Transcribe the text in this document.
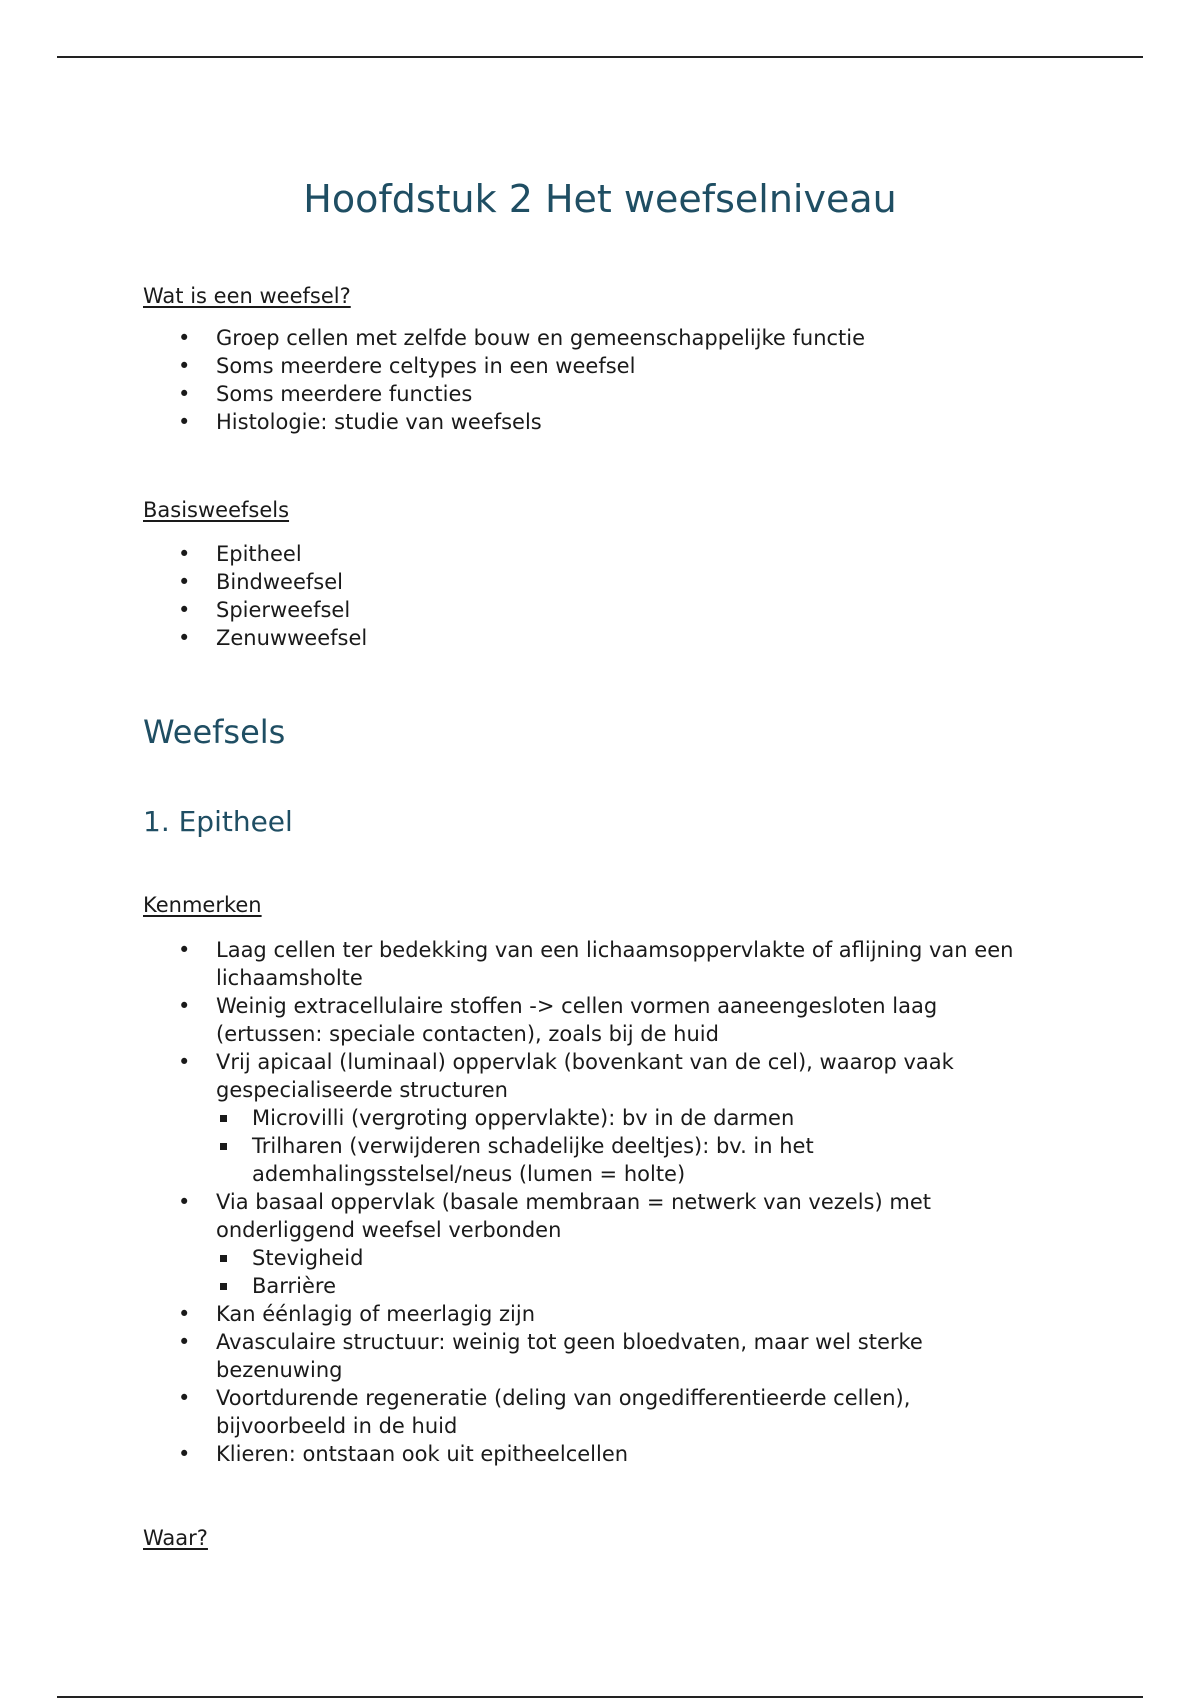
Hoofdstuk 2 Het weefselniveau
Wat is een weefsel?
• Groep cellen met zelfde bouw en gemeenschappelijke functie
• Soms meerdere celtypes in een weefsel
• Soms meerdere functies
• Histologie: studie van weefsels
Basisweefsels
• Epitheel
• Bindweefsel
• Spierweefsel
• Zenuwweefsel
Weefsels
1. Epitheel
Kenmerken
• Laag cellen ter bedekking van een lichaamsoppervlakte of aflijning van een lichaamsholte
• Weinig extracellulaire stoffen -> cellen vormen aaneengesloten laag (ertussen: speciale contacten), zoals bij de huid
• Vrij apicaal (luminaal) oppervlak (bovenkant van de cel), waarop vaak gespecialiseerde structuren
Microvilli (vergroting oppervlakte): bv in de darmen
Trilharen (verwijderen schadelijke deeltjes): bv. in het ademhalingsstelsel/neus (lumen = holte)
• Via basaal oppervlak (basale membraan = netwerk van vezels) met onderliggend weefsel verbonden
Stevigheid
Barrière
• Kan éénlagig of meerlagig zijn
• Avasculaire structuur: weinig tot geen bloedvaten, maar wel sterke bezenuwing
• Voortdurende regeneratie (deling van ongedifferentieerde cellen), bijvoorbeeld in de huid
• Klieren: ontstaan ook uit epitheelcellen
Waar?
